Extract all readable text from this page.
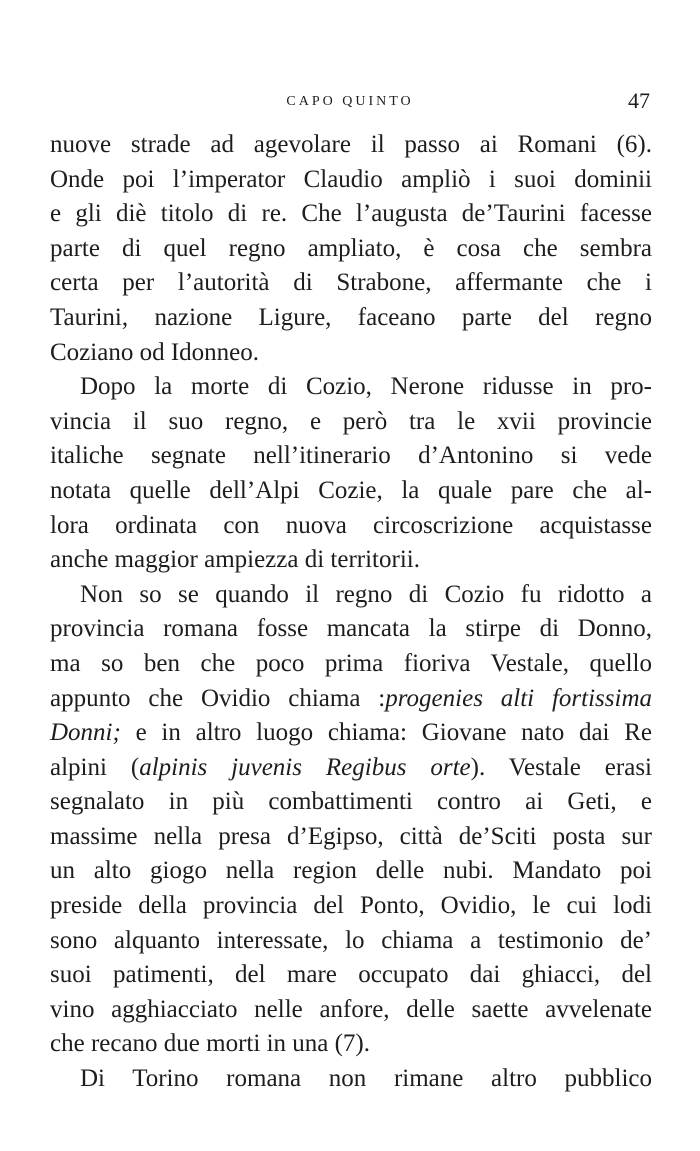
CAPO QUINTO	47
nuove strade ad agevolare il passo ai Romani (6).
Onde poi l’imperator Claudio ampliò i suoi dominii
e gli diè titolo di re. Che l’augusta de’Taurini facesse
parte di quel regno ampliato, è cosa che sembra
certa per l’autorità di Strabone, affermante che i
Taurini, nazione Ligure, faceano parte del regno
Coziano od Idonneo.
Dopo la morte di Cozio, Nerone ridusse in pro-
vincia il suo regno, e però tra le xvii provincie
italiche segnate nell’itinerario d’Antonino si vede
notata quelle dell’Alpi Cozie, la quale pare che al-
lora ordinata con nuova circoscrizione acquistasse
anche maggior ampiezza di territorii.
Non so se quando il regno di Cozio fu ridotto a
provincia romana fosse mancata la stirpe di Donno,
ma so ben che poco prima fioriva Vestale, quello
appunto che Ovidio chiama :progenies alti fortissima
Donni; e in altro luogo chiama: Giovane nato dai Re
alpini (alpinis juvenis Regibus orte). Vestale erasi
segnalato in più combattimenti contro ai Geti, e
massime nella presa d’Egipso, città de’Sciti posta sur
un alto giogo nella region delle nubi. Mandato poi
preside della provincia del Ponto, Ovidio, le cui lodi
sono alquanto interessate, lo chiama a testimonio de’
suoi patimenti, del mare occupato dai ghiacci, del
vino agghiacciato nelle anfore, delle saette avvelenate
che recano due morti in una (7).
Di Torino romana non rimane altro pubblico
